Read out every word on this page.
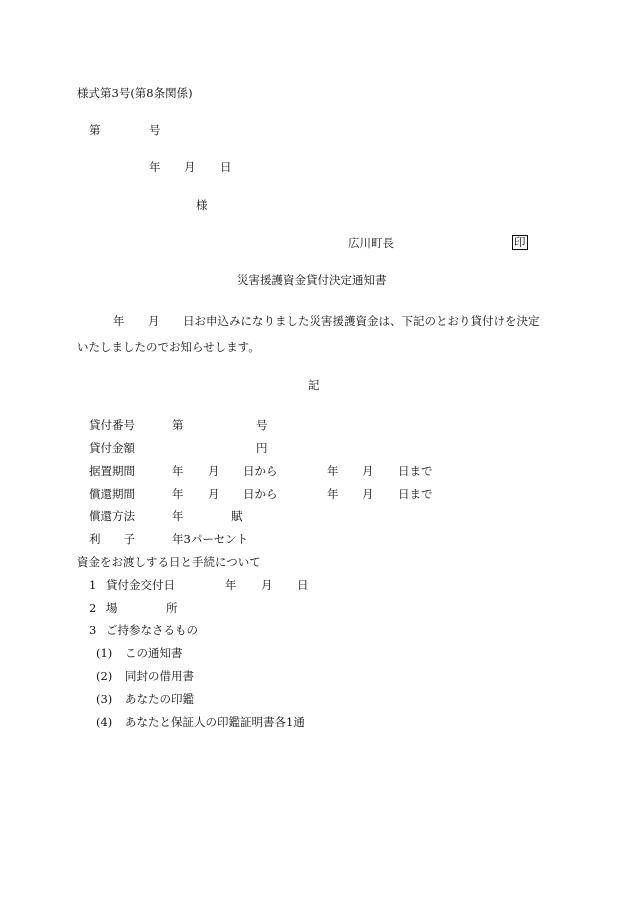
様式第3号(第8条関係)
第	号
年 月 日
様
広川町長	印
災害援護資金貸付決定通知書
年 月 日お申込みになりました災害援護資金は、下記のとおり貸付けを決定
いたしましたのでお知らせします。
記
貸付番号	第	号
貸付金額	円
据置期間	年 月 日から	年 月 日まで
償還期間	年 月 日から	年 月 日まで
償還方法	年	賦
利　　子	年3パーセント
資金をお渡しする日と手続について
1 貸付金交付日	年 月 日
2 場	所
3 ご持参なさるもの
(1) この通知書
(2) 同封の借用書
(3) あなたの印鑑
(4) あなたと保証人の印鑑証明書各1通
